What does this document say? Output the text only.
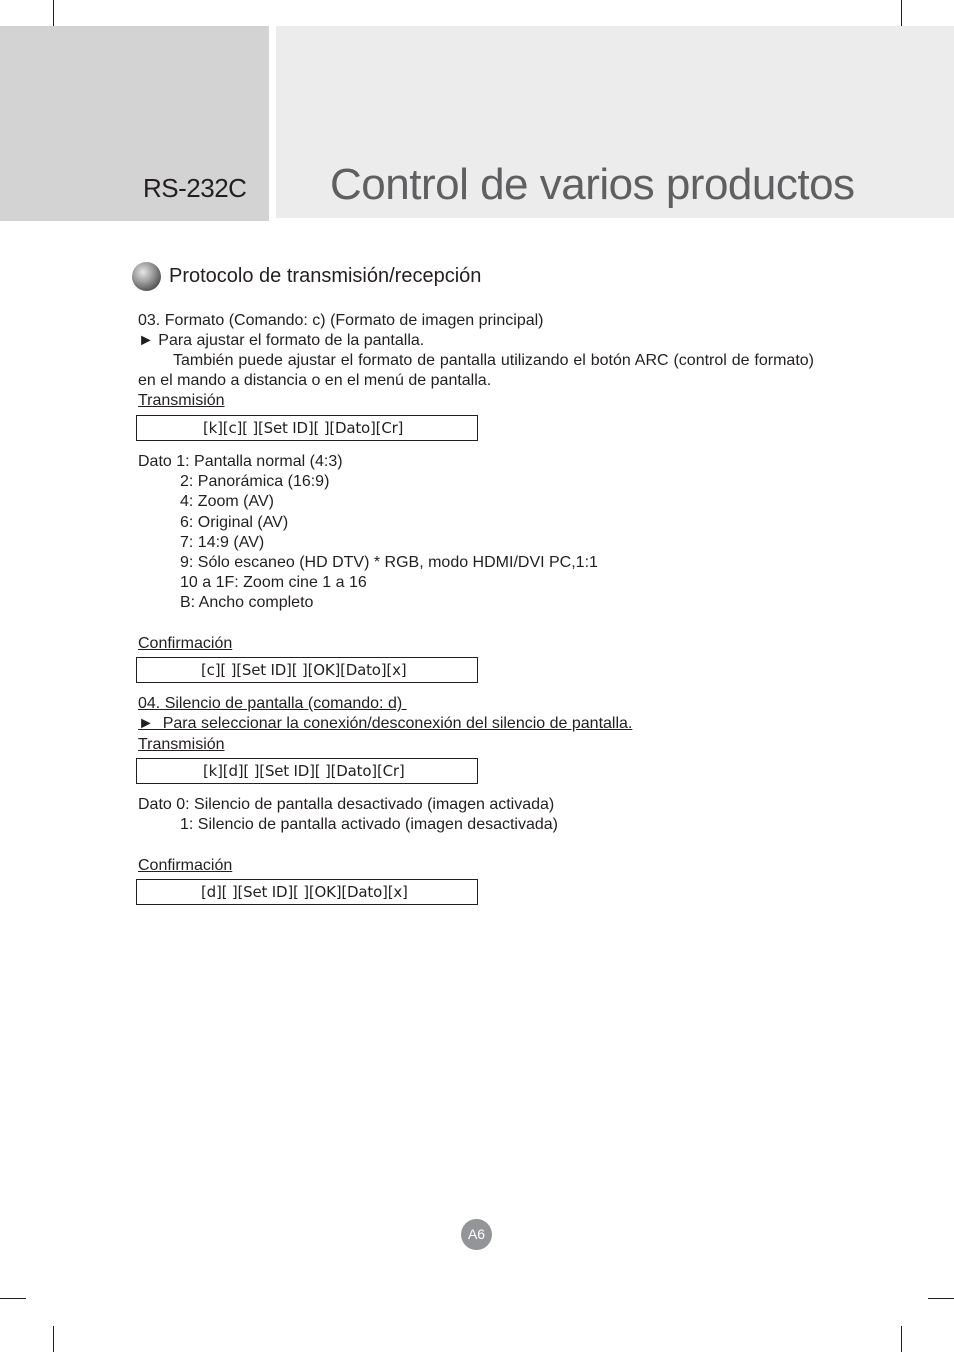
RS-232C Control de varios productos
Protocolo de transmisión/recepción
03. Formato (Comando: c) (Formato de imagen principal)
► Para ajustar el formato de la pantalla.
También puede ajustar el formato de pantalla utilizando el botón ARC (control de formato) en el mando a distancia o en el menú de pantalla.
Transmisión
[k][c][ ][Set ID][ ][Dato][Cr]
Dato 1: Pantalla normal (4:3)
2: Panorámica (16:9)
4: Zoom (AV)
6: Original (AV)
7: 14:9 (AV)
9: Sólo escaneo (HD DTV) * RGB, modo HDMI/DVI PC,1:1
10 a 1F: Zoom cine 1 a 16
B: Ancho completo
Confirmación
[c][ ][Set ID][ ][OK][Dato][x]
04. Silencio de pantalla (comando: d)
►  Para seleccionar la conexión/desconexión del silencio de pantalla.
Transmisión
[k][d][ ][Set ID][ ][Dato][Cr]
Dato 0: Silencio de pantalla desactivado (imagen activada)
1: Silencio de pantalla activado (imagen desactivada)
Confirmación
[d][ ][Set ID][ ][OK][Dato][x]
A6
